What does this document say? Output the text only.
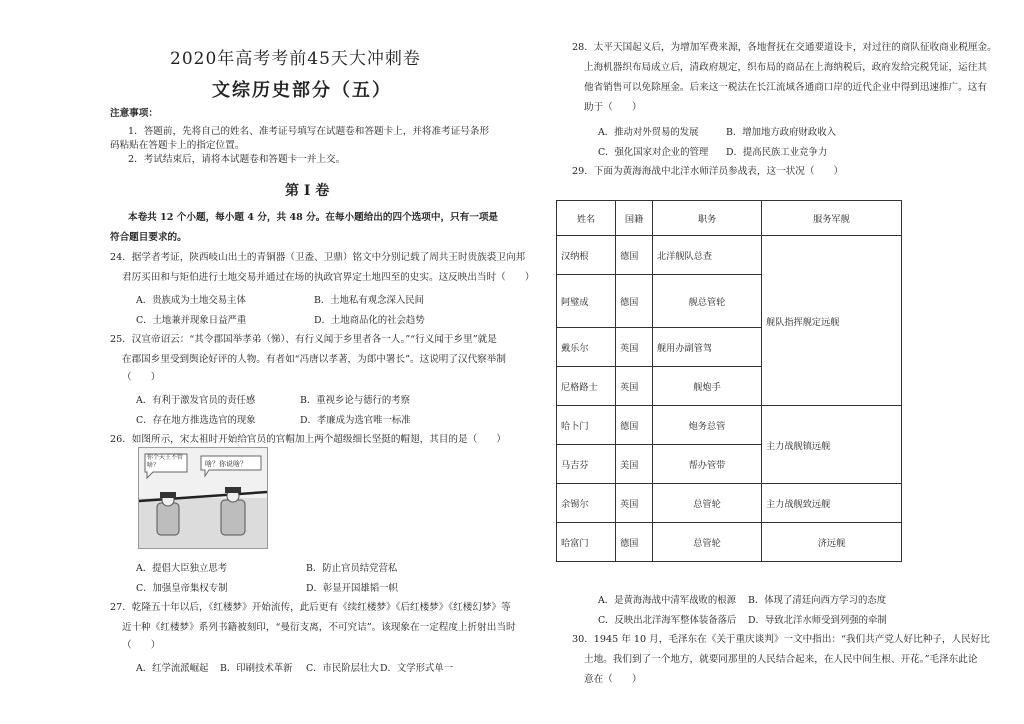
2020年高考考前45天大冲刺卷
文综历史部分（五）
注意事项：
1．答题前，先将自己的姓名、准考证号填写在试题卷和答题卡上，并将准考证号条形
码粘贴在答题卡上的指定位置。
2．考试结束后，请将本试题卷和答题卡一并上交。
第 Ⅰ 卷
本卷共 12 个小题，每小题 4 分，共 48 分。在每小题给出的四个选项中，只有一项是
符合题目要求的。
24．据学者考证，陕西岐山出土的青铜器（卫盉、卫鼎）铭文中分别记载了周共王时贵族裘卫向邦
君厉买田和与矩伯进行土地交易并通过在场的执政官界定土地四至的史实。这反映出当时（　　）
A．贵族成为土地交易主体	B．土地私有观念深入民间
C．土地兼并现象日益严重	D．土地商品化的社会趋势
25．汉宣帝诏云：“其令郡国举孝弟（悌）、有行义闻于乡里者各一人。”“行义闻于乡里”就是
在郡国乡里受到舆论好评的人物。有者如“冯唐以孝著，为郎中署长”。这说明了汉代察举制
（　　）
A．有利于激发官员的责任感	B．重视乡论与德行的考察
C．存在地方推选选官的现象	D．孝廉成为选官唯一标准
26．如图所示，宋太祖时开始给官员的官帽加上两个超级细长坚挺的帽翅，其目的是（　　）
你个天王不管啥？	啥？你说啥？
A．提倡大臣独立思考	B．防止官员结党营私
C．加强皇帝集权专制	D．彰显开国雄韬一帜
27．乾隆五十年以后，《红楼梦》开始流传，此后更有《续红楼梦》《后红楼梦》《红楼幻梦》等
近十种《红楼梦》系列书籍被刻印，“曼衍支离，不可究诘”。该现象在一定程度上折射出当时
（　　）
A．红学流派崛起 B．印刷技术革新 C．市民阶层壮大 D．文学形式单一
28．太平天国起义后，为增加军费来源，各地督抚在交通要道设卡，对过往的商队征收商业税厘金。
上海机器织布局成立后，清政府规定，织布局的商品在上海纳税后，政府发给完税凭证，运往其
他省销售可以免除厘金。后来这一税法在长江流域各通商口岸的近代企业中得到迅速推广。这有
助于（　　）
A．推动对外贸易的发展	B．增加地方政府财政收入
C．强化国家对企业的管理 D．提高民族工业竞争力
29．下面为黄海海战中北洋水师洋员参战表，这一状况（　　）
姓名	国籍	职务	服务军舰
汉纳根	德国	北洋舰队总查	舰队指挥舰定远舰
阿璧成	德国	舰总管轮	
戴乐尔	英国	舰用办副管驾	
尼格路士	英国	舰炮手	
哈卜门	德国	炮务总管	主力战舰镇远舰
马吉芬	美国	帮办管带	
余锡尔	英国	总管轮	主力战舰致远舰
哈富门	德国	总管轮	济远舰
A．是黄海海战中清军战败的根源 B．体现了清廷向西方学习的态度
C．反映出北洋海军整体装备落后 D．导致北洋水师受到列强的牵制
30．1945 年 10 月，毛泽东在《关于重庆谈判》一文中指出：“我们共产党人好比种子，人民好比
土地。我们到了一个地方，就要同那里的人民结合起来，在人民中间生根、开花。”毛泽东此论
意在（　　）
